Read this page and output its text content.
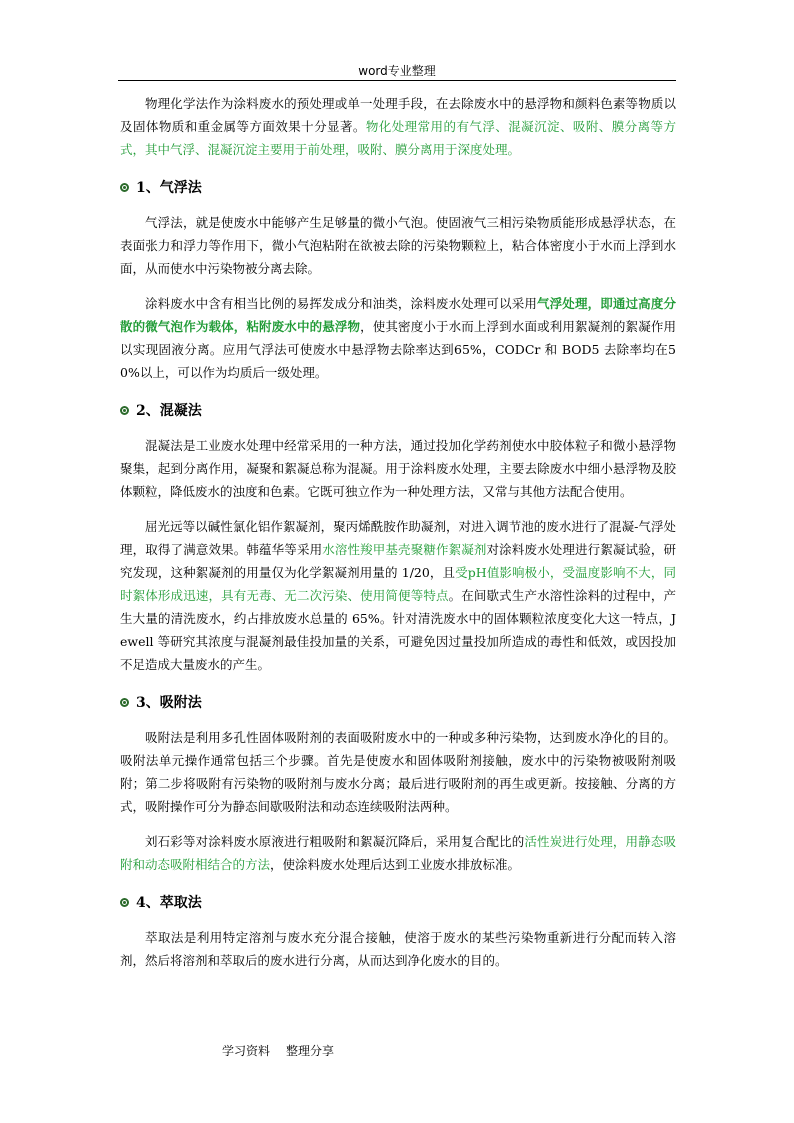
word专业整理

物理化学法作为涂料废水的预处理或单一处理手段，在去除废水中的悬浮物和颜料色素等物质以及固体物质和重金属等方面效果十分显著。物化处理常用的有气浮、混凝沉淀、吸附、膜分离等方式，其中气浮、混凝沉淀主要用于前处理，吸附、膜分离用于深度处理。

1、气浮法

气浮法，就是使废水中能够产生足够量的微小气泡。使固液气三相污染物质能形成悬浮状态，在表面张力和浮力等作用下，微小气泡粘附在欲被去除的污染物颗粒上，粘合体密度小于水而上浮到水面，从而使水中污染物被分离去除。

涂料废水中含有相当比例的易挥发成分和油类，涂料废水处理可以采用气浮处理，即通过高度分散的微气泡作为载体，粘附废水中的悬浮物，使其密度小于水而上浮到水面或利用絮凝剂的絮凝作用以实现固液分离。应用气浮法可使废水中悬浮物去除率达到65%，CODCr 和 BOD5 去除率均在50%以上，可以作为均质后一级处理。

2、混凝法

混凝法是工业废水处理中经常采用的一种方法，通过投加化学药剂使水中胶体粒子和微小悬浮物聚集，起到分离作用，凝聚和絮凝总称为混凝。用于涂料废水处理，主要去除废水中细小悬浮物及胶体颗粒，降低废水的浊度和色素。它既可独立作为一种处理方法，又常与其他方法配合使用。

屈光远等以碱性氯化铝作絮凝剂，聚丙烯酰胺作助凝剂，对进入调节池的废水进行了混凝-气浮处理，取得了满意效果。韩蕴华等采用水溶性羧甲基壳聚糖作絮凝剂对涂料废水处理进行絮凝试验，研究发现，这种絮凝剂的用量仅为化学絮凝剂用量的 1/20，且受pH值影响极小，受温度影响不大，同时絮体形成迅速，具有无毒、无二次污染、使用简便等特点。在间歇式生产水溶性涂料的过程中，产生大量的清洗废水，约占排放废水总量的 65%。针对清洗废水中的固体颗粒浓度变化大这一特点，Jewell 等研究其浓度与混凝剂最佳投加量的关系，可避免因过量投加所造成的毒性和低效，或因投加不足造成大量废水的产生。

3、吸附法

吸附法是利用多孔性固体吸附剂的表面吸附废水中的一种或多种污染物，达到废水净化的目的。吸附法单元操作通常包括三个步骤。首先是使废水和固体吸附剂接触，废水中的污染物被吸附剂吸附；第二步将吸附有污染物的吸附剂与废水分离；最后进行吸附剂的再生或更新。按接触、分离的方式，吸附操作可分为静态间歇吸附法和动态连续吸附法两种。

刘石彩等对涂料废水原液进行粗吸附和絮凝沉降后，采用复合配比的活性炭进行处理，用静态吸附和动态吸附相结合的方法，使涂料废水处理后达到工业废水排放标准。

4、萃取法

萃取法是利用特定溶剂与废水充分混合接触，使溶于废水的某些污染物重新进行分配而转入溶剂，然后将溶剂和萃取后的废水进行分离，从而达到净化废水的目的。

学习资料 整理分享
